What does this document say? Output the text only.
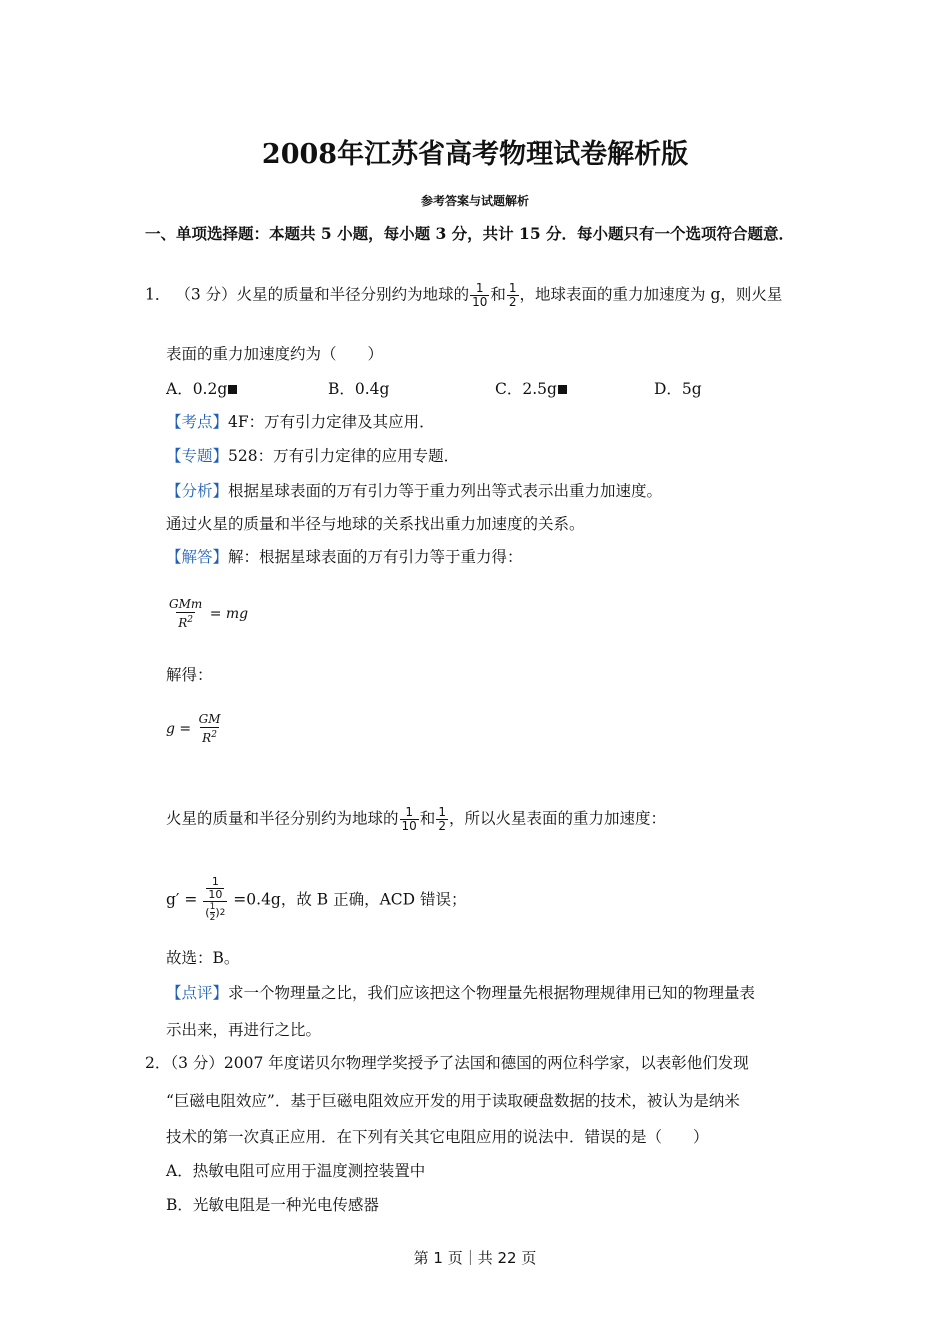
2008年江苏省高考物理试卷解析版
参考答案与试题解析
一、单项选择题：本题共 5 小题，每小题 3 分，共计 15 分．每小题只有一个选项符合题意．
1． （3 分）火星的质量和半径分别约为地球的 $\frac{1}{10}$ 和 $\frac{1}{2}$ ，地球表面的重力加速度为 g，则火星
表面的重力加速度约为（　　）
A．0.2g	B．0.4g	C．2.5g	D．5g
【考点】4F：万有引力定律及其应用．
【专题】528：万有引力定律的应用专题．
【分析】根据星球表面的万有引力等于重力列出等式表示出重力加速度。
通过火星的质量和半径与地球的关系找出重力加速度的关系。
【解答】解：根据星球表面的万有引力等于重力得：
$\frac{\text{GMm}}{R^2}$ = mg
解得：
$g = \frac{GM}{R^2}$
火星的质量和半径分别约为地球的 $\frac{1}{10}$ 和 $\frac{1}{2}$ ，所以火星表面的重力加速度：
g′ = 1
10
( 1
2 ) 2 =0.4g，故 B 正确，ACD 错误；
故选：B。
【点评】求一个物理量之比，我们应该把这个物理量先根据物理规律用已知的物理量表
示出来，再进行之比。
2．（3 分）2007 年度诺贝尔物理学奖授予了法国和德国的两位科学家，以表彰他们发现
“巨磁电阻效应”．基于巨磁电阻效应开发的用于读取硬盘数据的技术，被认为是纳米
技术的第一次真正应用．在下列有关其它电阻应用的说法中．错误的是（　　）
A．热敏电阻可应用于温度测控装置中
B．光敏电阻是一种光电传感器
第 1 页｜共 22 页
